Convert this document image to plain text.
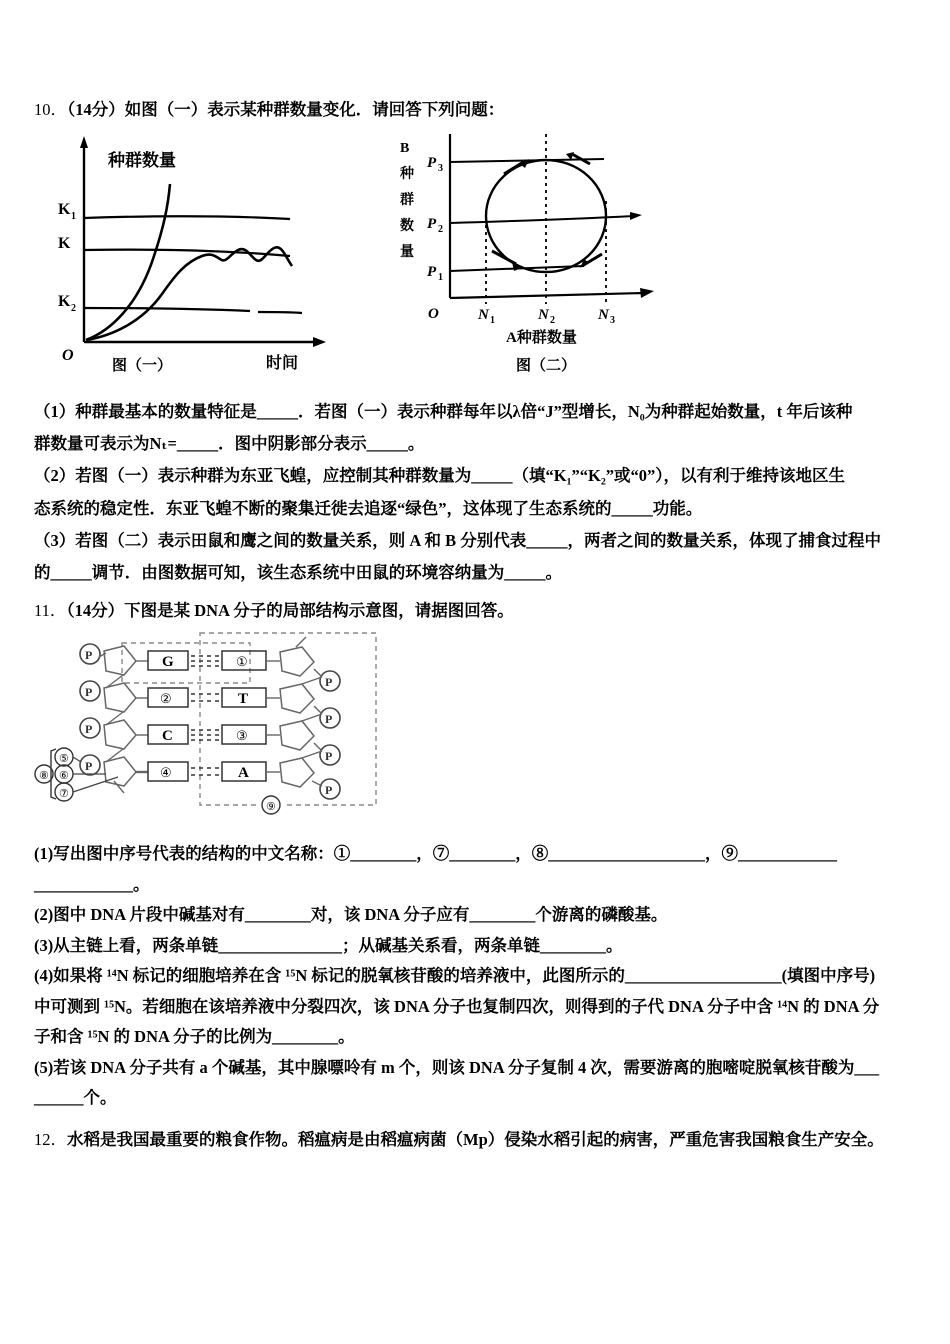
10．（14分）如图（一）表示某种群数量变化．请回答下列问题：
K 1
K
K 2
O
种群数量
时间
图（一）
P 3
P 2
P 1
O	N 1	N 2	N 3
B
种
群
数
量
A种群数量
图（二）
（1）种群最基本的数量特征是_____．若图（一）表示种群每年以λ倍“J”型增长，N₀为种群起始数量，t 年后该种
群数量可表示为Nₜ=_____．图中阴影部分表示_____。
（2）若图（一）表示种群为东亚飞蝗，应控制其种群数量为_____（填“K₁”“K₂”或“0”），以有利于维持该地区生
态系统的稳定性．东亚飞蝗不断的聚集迁徙去追逐“绿色”，这体现了生态系统的_____功能。
（3）若图（二）表示田鼠和鹰之间的数量关系，则 A 和 B 分别代表_____，两者之间的数量关系，体现了捕食过程中
的_____调节．由图数据可知，该生态系统中田鼠的环境容纳量为_____。
11．（14分）下图是某 DNA 分子的局部结构示意图，请据图回答。
P	G
P	②
P	C
P	④
⑤
⑥
⑦
⑧
①
P
T
P
③
P
A
P
⑨
(1)写出图中序号代表的结构的中文名称：①________，⑦________，⑧___________________，⑨____________
____________。
(2)图中 DNA 片段中碱基对有________对，该 DNA 分子应有________个游离的磷酸基。
(3)从主链上看，两条单链_______________；从碱基关系看，两条单链________。
(4)如果将 ¹⁴N 标记的细胞培养在含 ¹⁵N 标记的脱氧核苷酸的培养液中，此图所示的___________________(填图中序号)
中可测到 ¹⁵N。若细胞在该培养液中分裂四次，该 DNA 分子也复制四次，则得到的子代 DNA 分子中含 ¹⁴N 的 DNA 分
子和含 ¹⁵N 的 DNA 分子的比例为________。
(5)若该 DNA 分子共有 a 个碱基，其中腺嘌呤有 m 个，则该 DNA 分子复制 4 次，需要游离的胞嘧啶脱氧核苷酸为___
______个。
12．水稻是我国最重要的粮食作物。稻瘟病是由稻瘟病菌（Mp）侵染水稻引起的病害，严重危害我国粮食生产安全。
